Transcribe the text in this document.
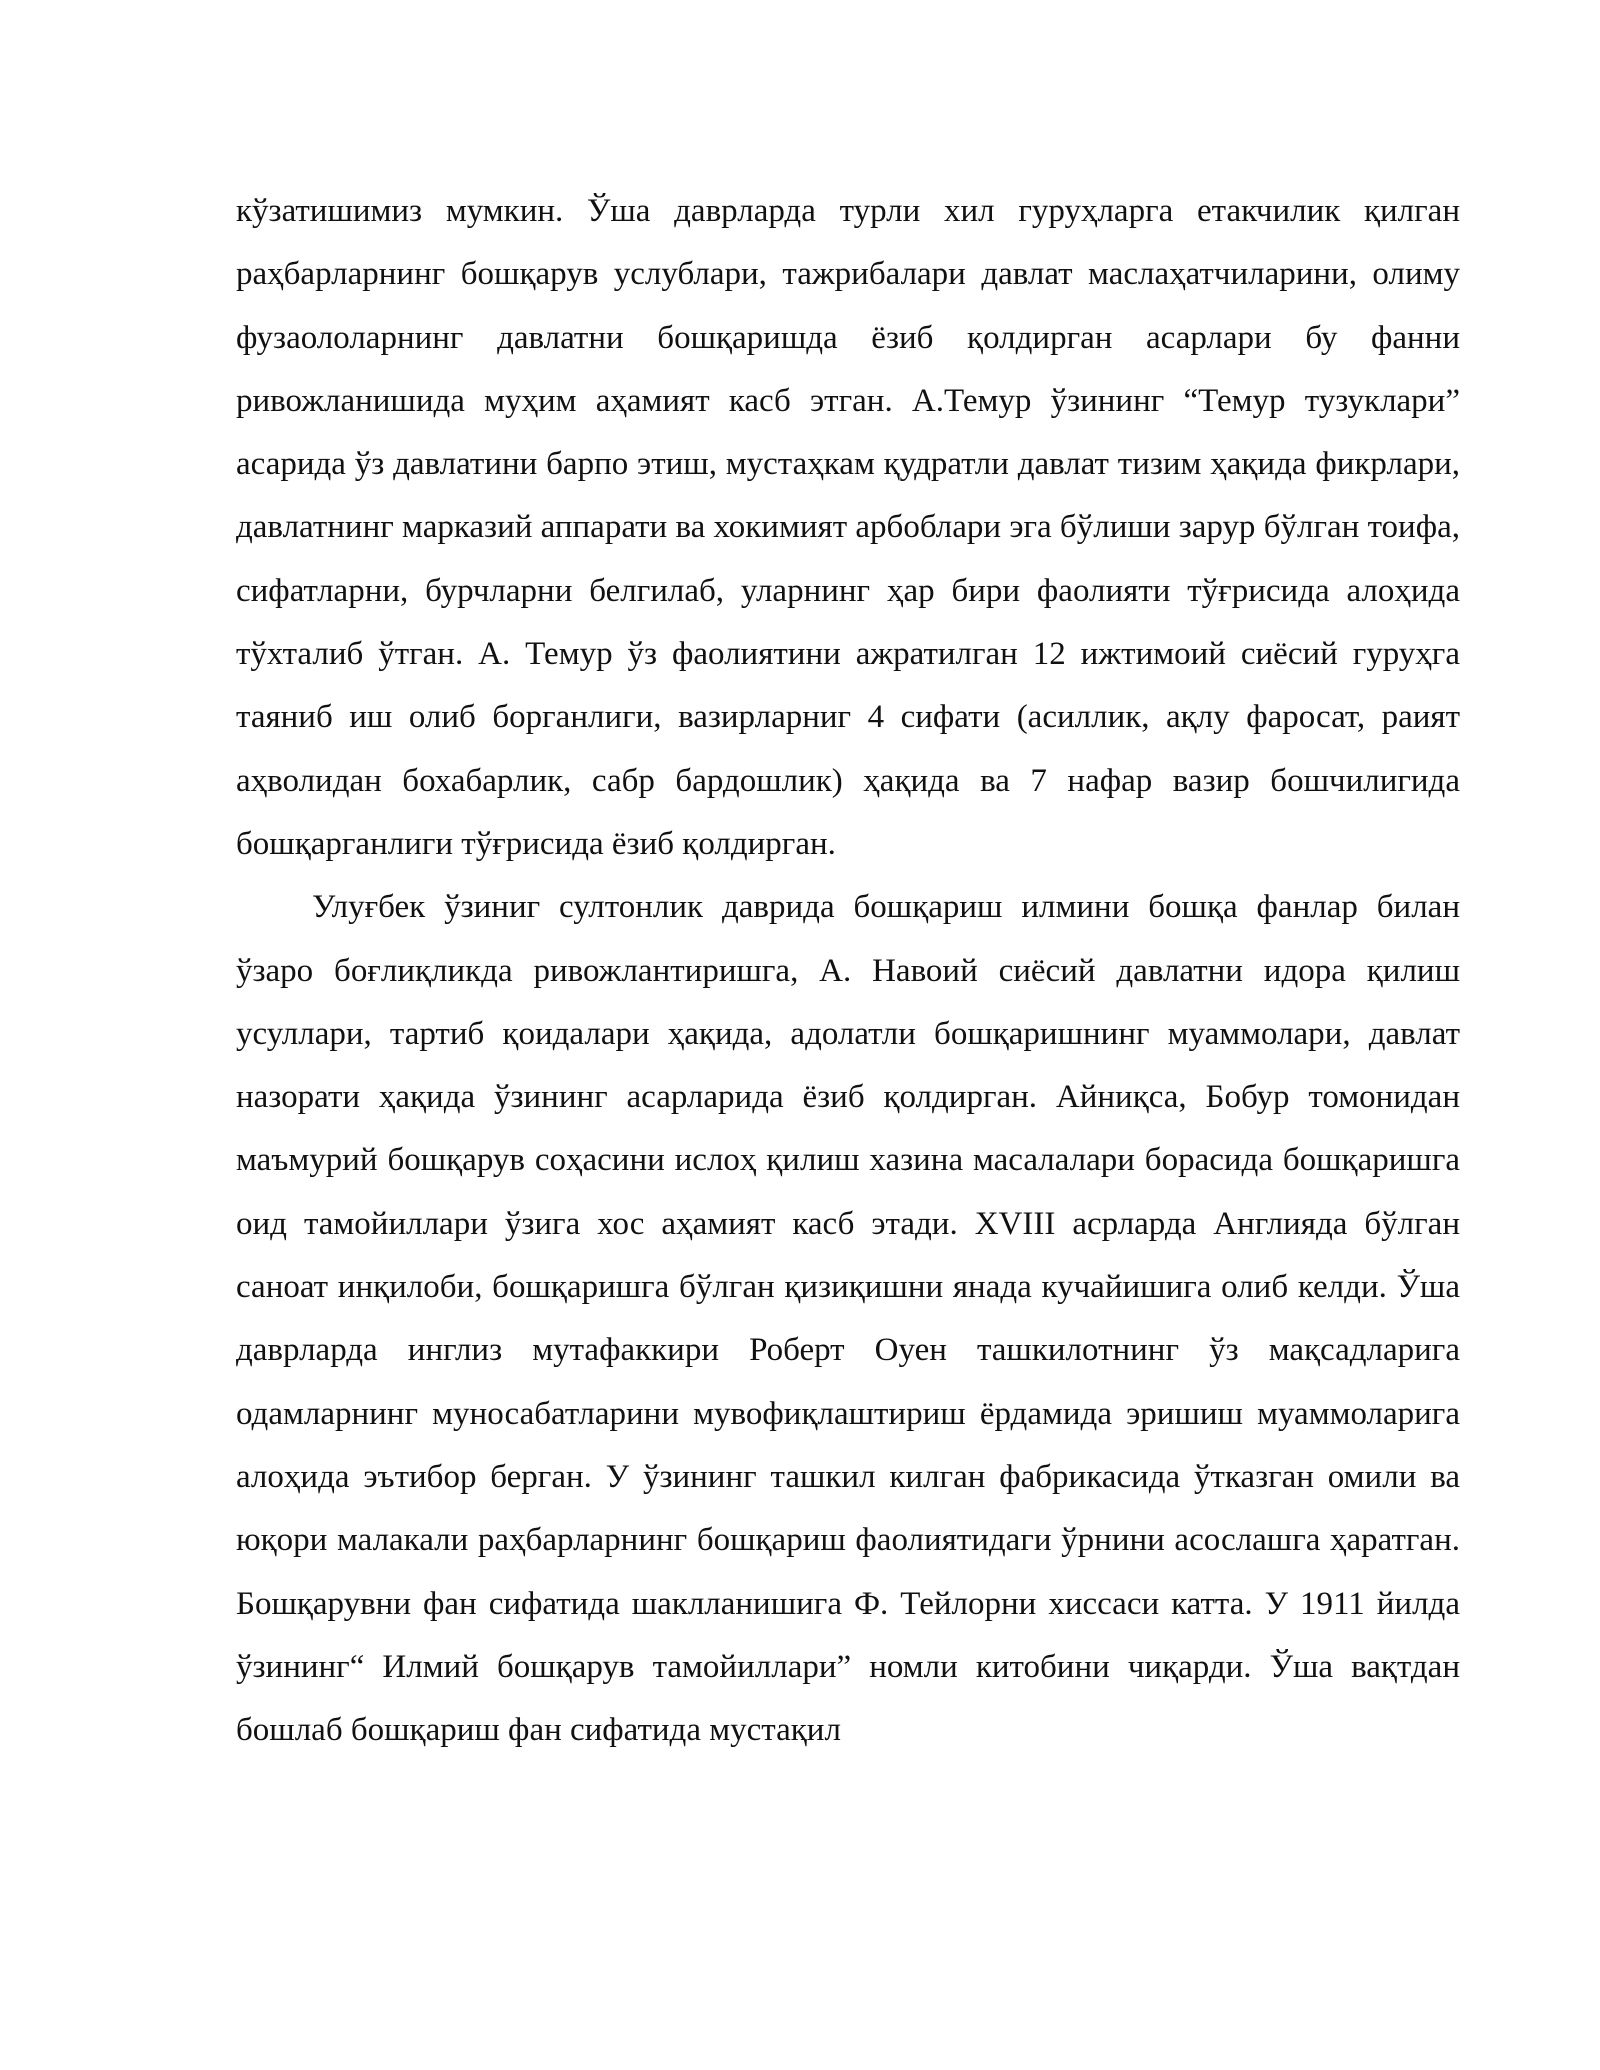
кўзатишимиз мумкин. Ўша даврларда турли хил гуруҳларга етакчилик қилган раҳбарларнинг бошқарув услублари, тажрибалари давлат маслаҳатчиларини, олиму фузаололарнинг давлатни бошқаришда ёзиб қолдирган асарлари бу фанни ривожланишида муҳим аҳамият касб этган. А.Темур ўзининг “Темур тузуклари” асарида ўз давлатини барпо этиш, мустаҳкам қудратли давлат тизим ҳақида фикрлари, давлатнинг марказий аппарати ва хокимият арбоблари эга бўлиши зарур бўлган тоифа, сифатларни, бурчларни белгилаб, уларнинг ҳар бири фаолияти тўғрисида алоҳида тўхталиб ўтган. А. Темур ўз фаолиятини ажратилган 12 ижтимоий сиёсий гуруҳга таяниб иш олиб борганлиги, вазирларниг 4 сифати (асиллик, ақлу фаросат, раият аҳволидан бохабарлик, сабр бардошлик) ҳақида ва 7 нафар вазир бошчилигида бошқарганлиги тўғрисида ёзиб қолдирган.

Улуғбек ўзиниг султонлик даврида бошқариш илмини бошқа фанлар билан ўзаро боғлиқликда ривожлантиришга, А. Навоий сиёсий давлатни идора қилиш усуллари, тартиб қоидалари ҳақида, адолатли бошқаришнинг муаммолари, давлат назорати ҳақида ўзининг асарларида ёзиб қолдирган. Айниқса, Бобур томонидан маъмурий бошқарув соҳасини ислоҳ қилиш хазина масалалари борасида бошқаришга оид тамойиллари ўзига хос аҳамият касб этади. XVIII асрларда Англияда бўлган саноат инқилоби, бошқаришга бўлган қизиқишни янада кучайишига олиб келди. Ўша даврларда инглиз мутафаккири Роберт Оуен ташкилотнинг ўз мақсадларига одамларнинг муносабатларини мувофиқлаштириш ёрдамида эришиш муаммоларига алоҳида эътибор берган. У ўзининг ташкил килган фабрикасида ўтказган омили ва юқори малакали раҳбарларнинг бошқариш фаолиятидаги ўрнини асослашга ҳаратган. Бошқарувни фан сифатида шаклланишига Ф. Тейлорни хиссаси катта. У 1911 йилда ўзининг“ Илмий бошқарув тамойиллари” номли китобини чиқарди. Ўша вақтдан бошлаб бошқариш фан сифатида мустақил
